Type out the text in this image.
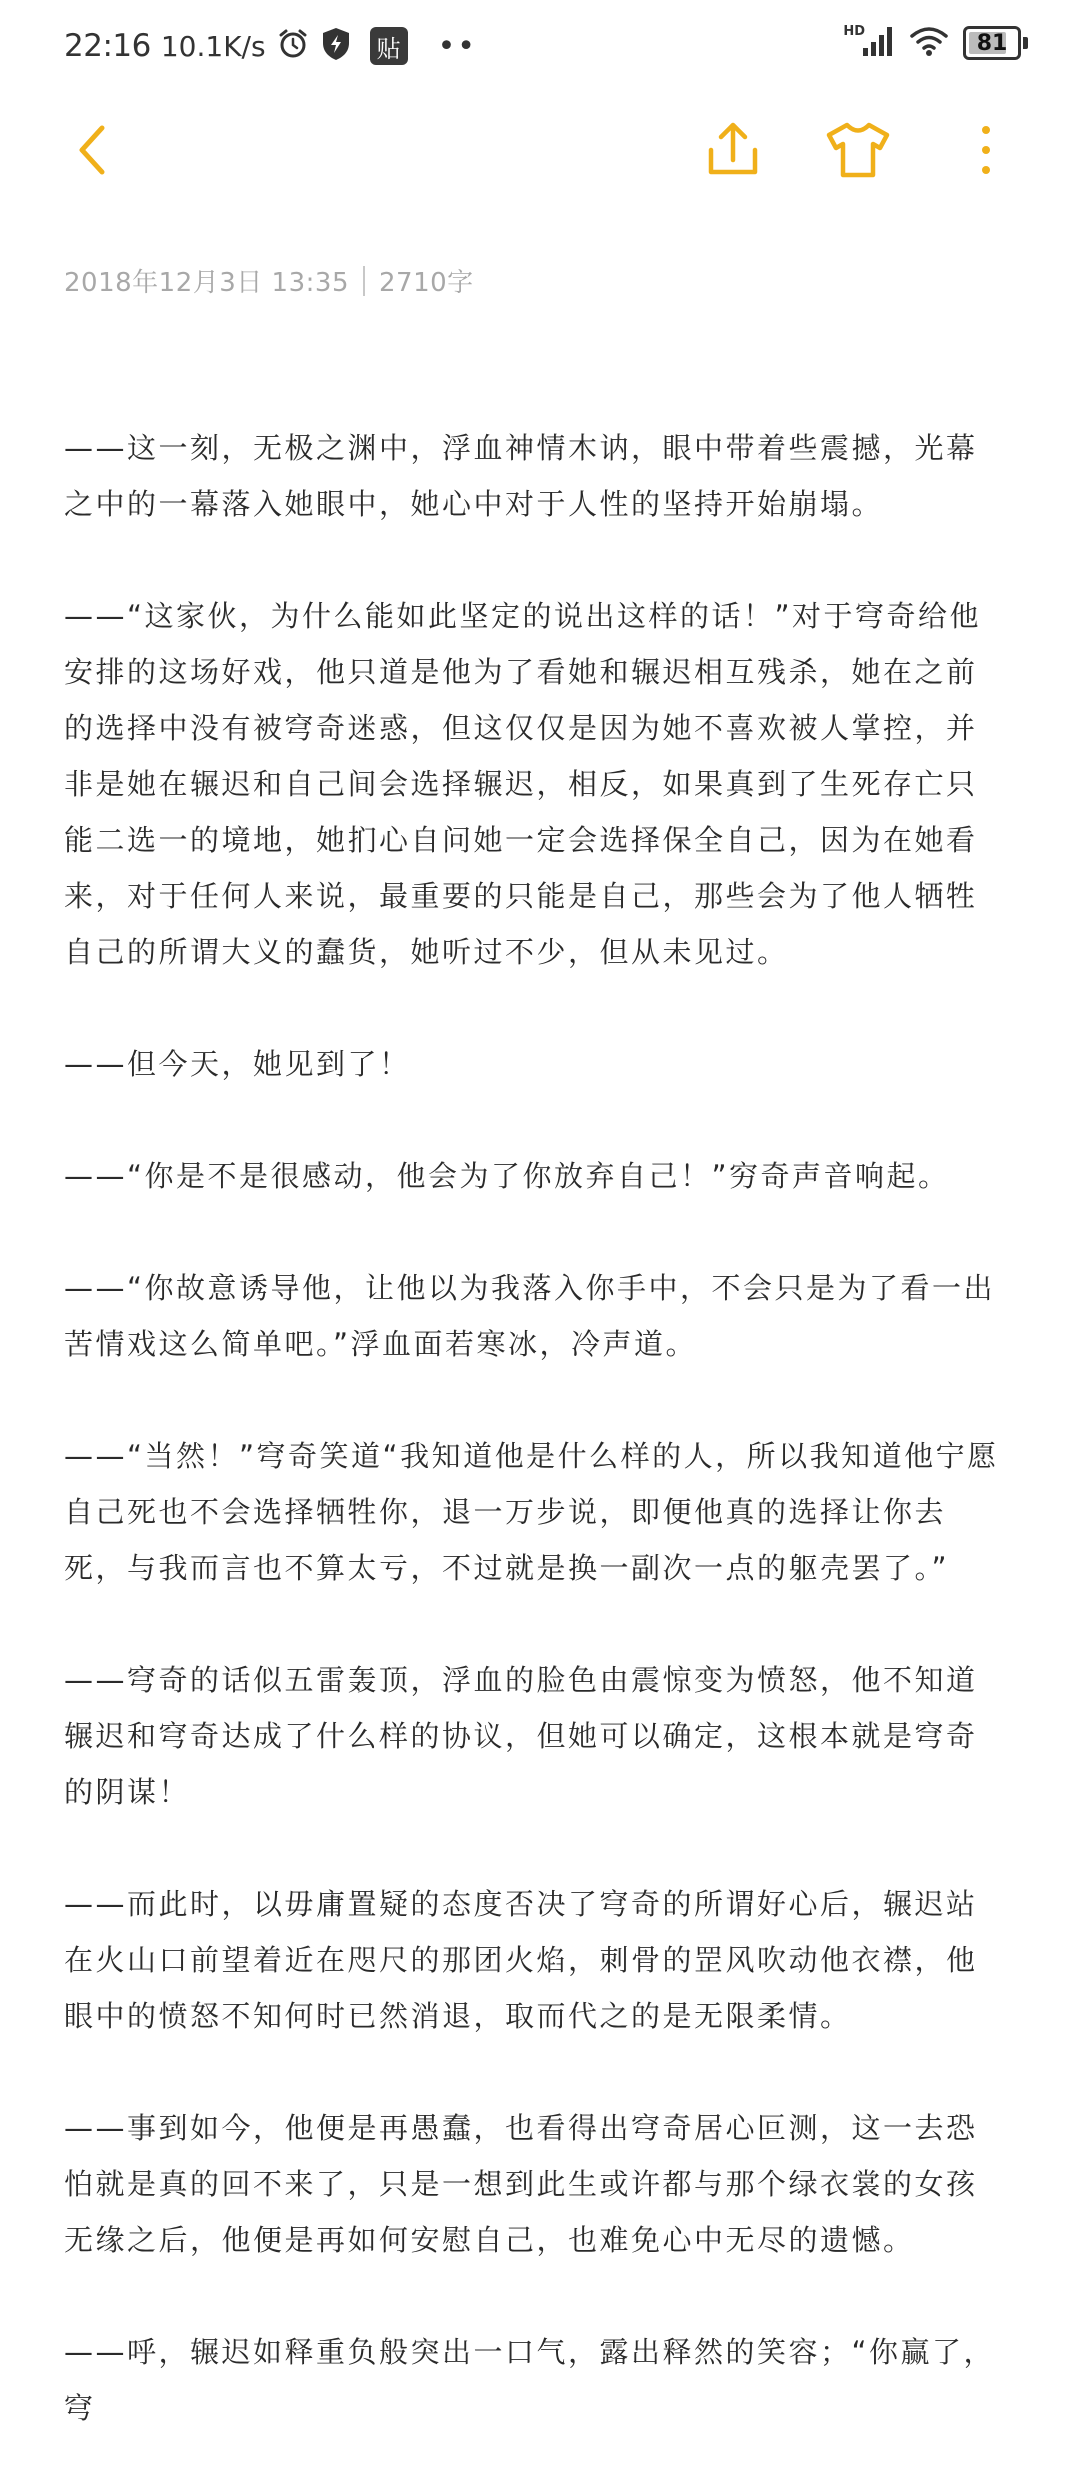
22:16 10.1K/s	贴 ••	HD	81
2018年12月3日 13:35 2710字

——这一刻，无极之渊中，浮血神情木讷，眼中带着些震撼，光幕之中的一幕落入她眼中，她心中对于人性的坚持开始崩塌。

——“这家伙，为什么能如此坚定的说出这样的话！”对于穹奇给他安排的这场好戏，他只道是他为了看她和辗迟相互残杀，她在之前的选择中没有被穹奇迷惑，但这仅仅是因为她不喜欢被人掌控，并非是她在辗迟和自己间会选择辗迟，相反，如果真到了生死存亡只能二选一的境地，她扪心自问她一定会选择保全自己，因为在她看来，对于任何人来说，最重要的只能是自己，那些会为了他人牺牲自己的所谓大义的蠢货，她听过不少，但从未见过。

——但今天，她见到了！

——“你是不是很感动，他会为了你放弃自己！”穷奇声音响起。

——“你故意诱导他，让他以为我落入你手中，不会只是为了看一出苦情戏这么简单吧。”浮血面若寒冰，冷声道。

——“当然！”穹奇笑道“我知道他是什么样的人，所以我知道他宁愿自己死也不会选择牺牲你，退一万步说，即便他真的选择让你去死，与我而言也不算太亏，不过就是换一副次一点的躯壳罢了。”

——穹奇的话似五雷轰顶，浮血的脸色由震惊变为愤怒，他不知道辗迟和穹奇达成了什么样的协议，但她可以确定，这根本就是穹奇的阴谋！

——而此时，以毋庸置疑的态度否决了穹奇的所谓好心后，辗迟站在火山口前望着近在咫尺的那团火焰，刺骨的罡风吹动他衣襟，他眼中的愤怒不知何时已然消退，取而代之的是无限柔情。

——事到如今，他便是再愚蠢，也看得出穹奇居心叵测，这一去恐怕就是真的回不来了，只是一想到此生或许都与那个绿衣裳的女孩无缘之后，他便是再如何安慰自己，也难免心中无尽的遗憾。

——呼，辗迟如释重负般突出一口气，露出释然的笑容；“你赢了，穹
